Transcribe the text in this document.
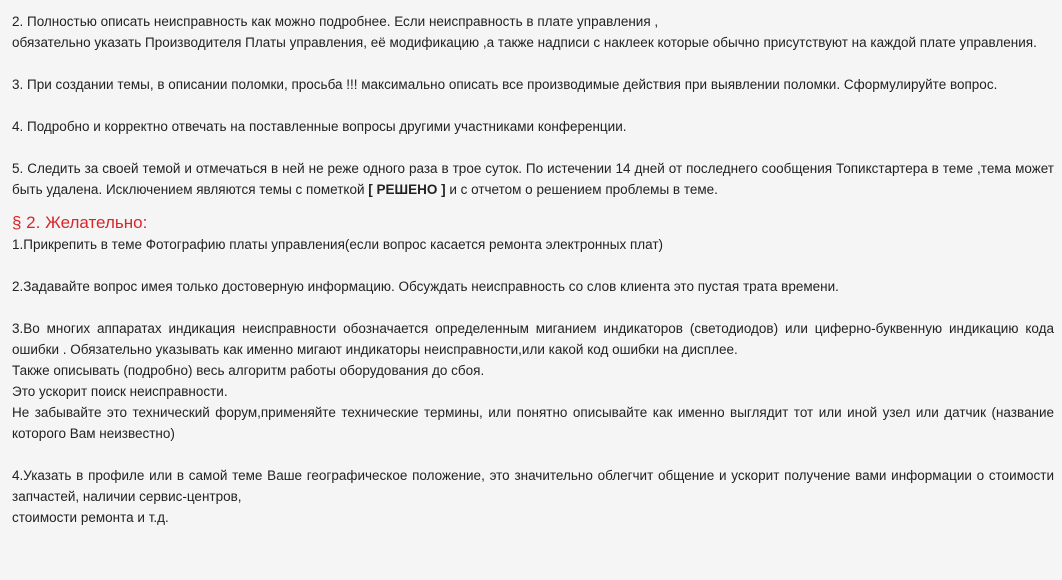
2. Полностью описать неисправность как можно подробнее. Если неисправность в плате управления ,

обязательно указать Производителя Платы управления, её модификацию ,а также надписи с наклеек которые обычно присутствуют на каждой плате управления.

3. При создании темы, в описании поломки, просьба !!! максимально описать все производимые действия при выявлении поломки. Сформулируйте вопрос.

4. Подробно и корректно отвечать на поставленные вопросы другими участниками конференции.

5. Следить за своей темой и отмечаться в ней не реже одного раза в трое суток. По истечении 14 дней от последнего сообщения Топикстартера в теме ,тема может быть удалена. Исключением являются темы с пометкой [ РЕШЕНО ] и с отчетом о решением проблемы в теме.

§ 2. Желательно:

1.Прикрепить в теме Фотографию платы управления(если вопрос касается ремонта электронных плат)

2.Задавайте вопрос имея только достоверную информацию. Обсуждать неисправность со слов клиента это пустая трата времени.

3.Во многих аппаратах индикация неисправности обозначается определенным миганием индикаторов (светодиодов) или циферно-буквенную индикацию кода ошибки . Обязательно указывать как именно мигают индикаторы неисправности,или какой код ошибки на дисплее.

Также описывать (подробно) весь алгоритм работы оборудования до сбоя.

Это ускорит поиск неисправности.

Не забывайте это технический форум,применяйте технические термины, или понятно описывайте как именно выглядит тот или иной узел или датчик (название которого Вам неизвестно)

4.Указать в профиле или в самой теме Ваше географическое положение, это значительно облегчит общение и ускорит получение вами информации о стоимости запчастей, наличии сервис-центров,

стоимости ремонта и т.д.
